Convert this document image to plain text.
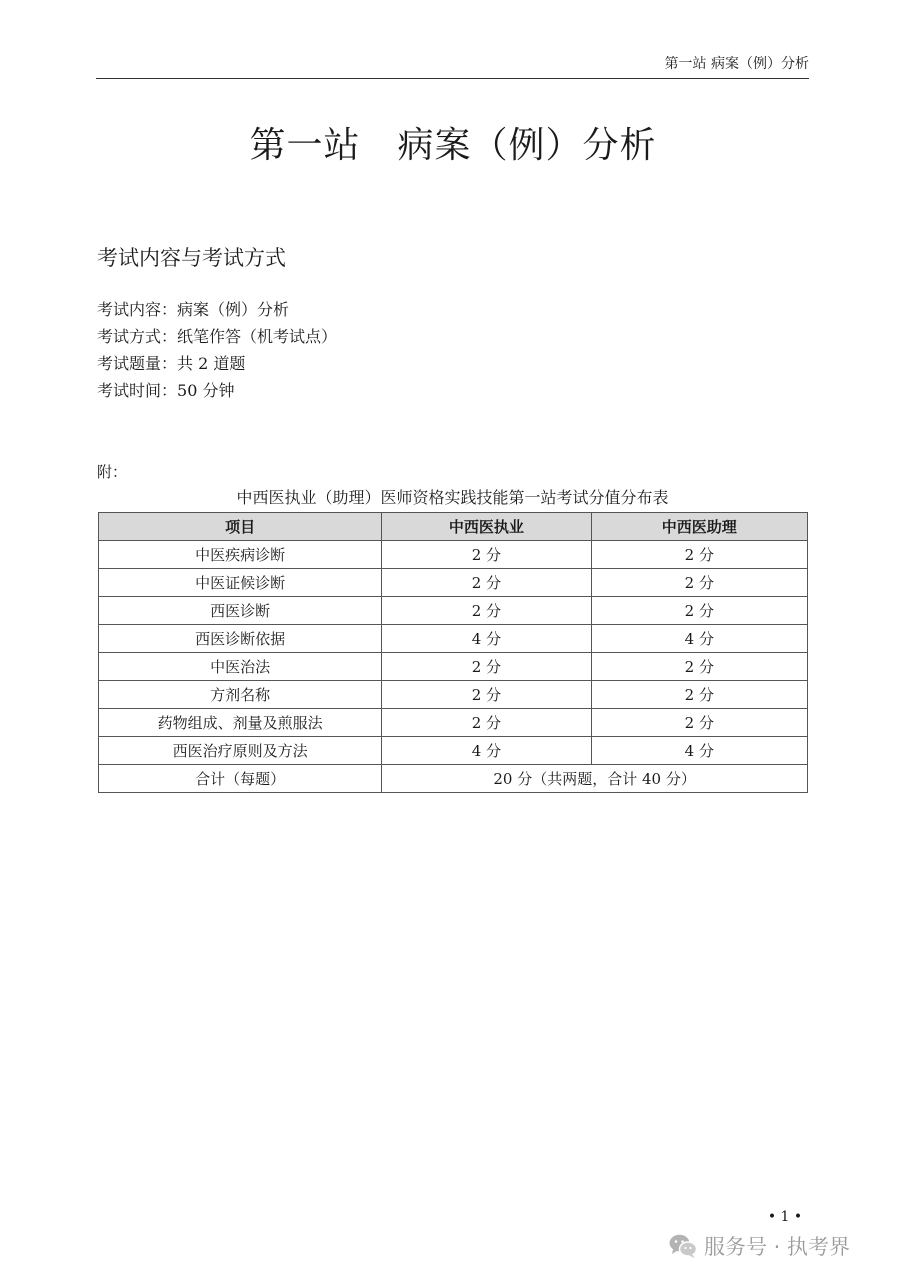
第一站 病案（例）分析
第一站　病案（例）分析
考试内容与考试方式
考试内容：病案（例）分析
考试方式：纸笔作答（机考试点）
考试题量：共 2 道题
考试时间：50 分钟
附：
中西医执业（助理）医师资格实践技能第一站考试分值分布表
项目	中西医执业	中西医助理
中医疾病诊断	2 分	2 分
中医证候诊断	2 分	2 分
西医诊断	2 分	2 分
西医诊断依据	4 分	4 分
中医治法	2 分	2 分
方剂名称	2 分	2 分
药物组成、剂量及煎服法	2 分	2 分
西医治疗原则及方法	4 分	4 分
合计（每题）	20 分（共两题，合计 40 分）	
• 1 •
服务号 · 执考界
